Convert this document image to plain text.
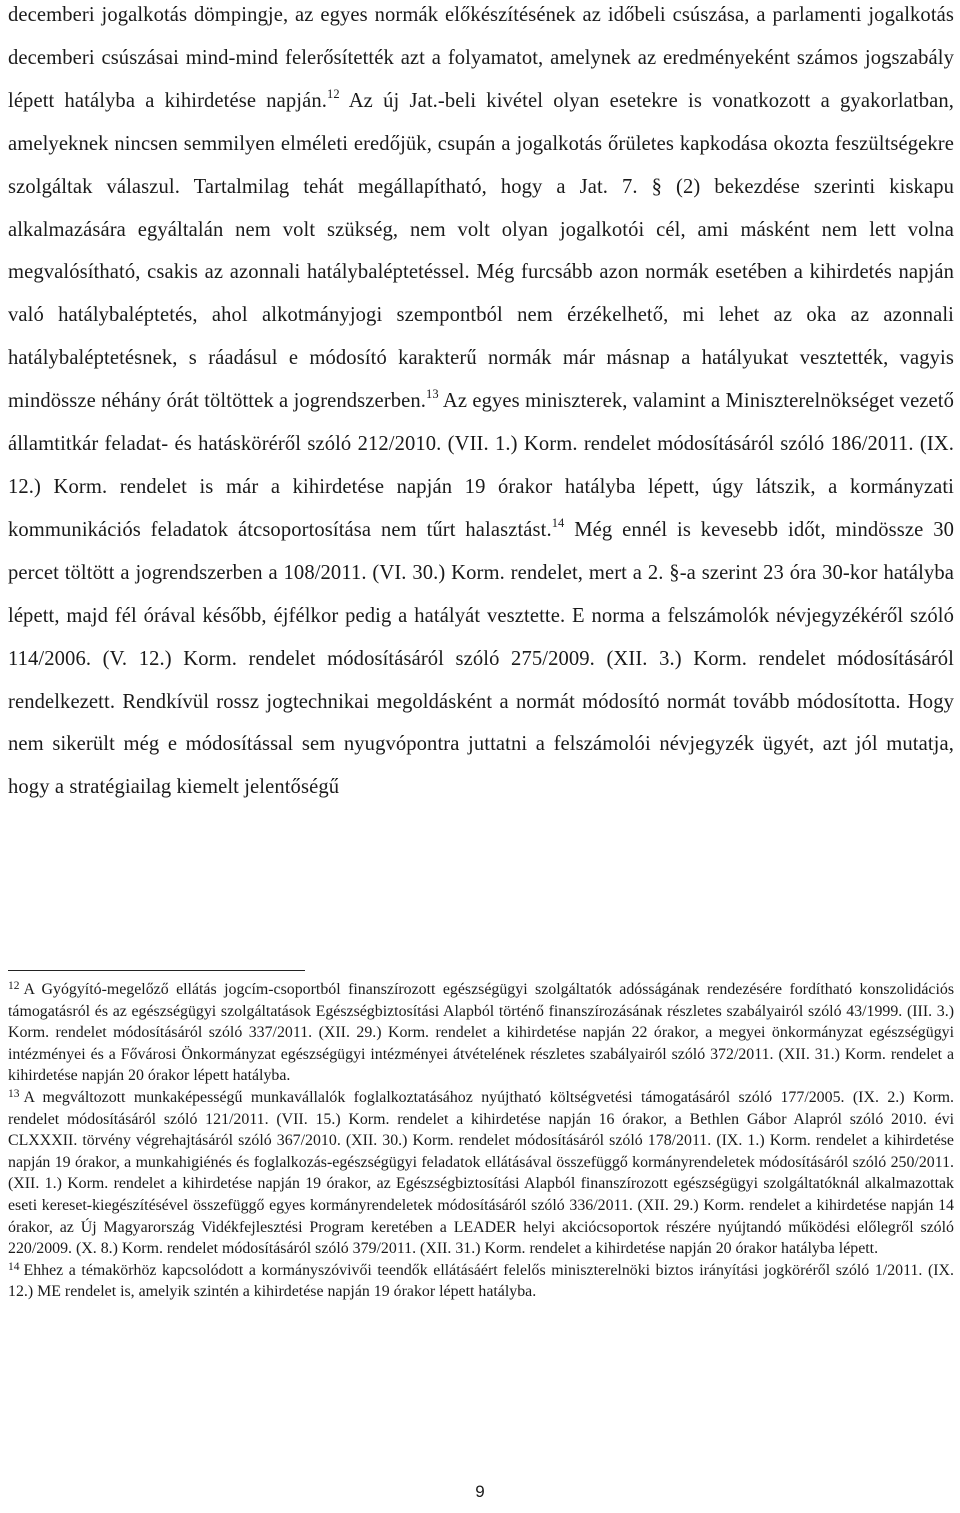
decemberi jogalkotás dömpingje, az egyes normák előkészítésének az időbeli csúszása, a parlamenti jogalkotás decemberi csúszásai mind-mind felerősítették azt a folyamatot, amelynek az eredményeként számos jogszabály lépett hatályba a kihirdetése napján.$^{12}$ Az új Jat.-beli kivétel olyan esetekre is vonatkozott a gyakorlatban, amelyeknek nincsen semmilyen elméleti eredőjük, csupán a jogalkotás őrületes kapkodása okozta feszültségekre szolgáltak válaszul. Tartalmilag tehát megállapítható, hogy a Jat. 7. § (2) bekezdése szerinti kiskapu alkalmazására egyáltalán nem volt szükség, nem volt olyan jogalkotói cél, ami másként nem lett volna megvalósítható, csakis az azonnali hatálybaléptetéssel. Még furcsább azon normák esetében a kihirdetés napján való hatálybaléptetés, ahol alkotmányjogi szempontból nem érzékelhető, mi lehet az oka az azonnali hatálybaléptetésnek, s ráadásul e módosító karakterű normák már másnap a hatályukat vesztették, vagyis mindössze néhány órát töltöttek a jogrendszerben.$^{13}$ Az egyes miniszterek, valamint a Miniszterelnökséget vezető államtitkár feladat- és hatásköréről szóló 212/2010. (VII. 1.) Korm. rendelet módosításáról szóló 186/2011. (IX. 12.) Korm. rendelet is már a kihirdetése napján 19 órakor hatályba lépett, úgy látszik, a kormányzati kommunikációs feladatok átcsoportosítása nem tűrt halasztást.$^{14}$ Még ennél is kevesebb időt, mindössze 30 percet töltött a jogrendszerben a 108/2011. (VI. 30.) Korm. rendelet, mert a 2. §-a szerint 23 óra 30-kor hatályba lépett, majd fél órával később, éjfélkor pedig a hatályát vesztette. E norma a felszámolók névjegyzékéről szóló 114/2006. (V. 12.) Korm. rendelet módosításáról szóló 275/2009. (XII. 3.) Korm. rendelet módosításáról rendelkezett. Rendkívül rossz jogtechnikai megoldásként a normát módosító normát tovább módosította. Hogy nem sikerült még e módosítással sem nyugvópontra juttatni a felszámolói névjegyzék ügyét, azt jól mutatja, hogy a stratégiailag kiemelt jelentőségű

$^{12}$ A Gyógyító-megelőző ellátás jogcím-csoportból finanszírozott egészségügyi szolgáltatók adósságának rendezésére fordítható konszolidációs támogatásról és az egészségügyi szolgáltatások Egészségbiztosítási Alapból történő finanszírozásának részletes szabályairól szóló 43/1999. (III. 3.) Korm. rendelet módosításáról szóló 337/2011. (XII. 29.) Korm. rendelet a kihirdetése napján 22 órakor, a megyei önkormányzat egészségügyi intézményei és a Fővárosi Önkormányzat egészségügyi intézményei átvételének részletes szabályairól szóló 372/2011. (XII. 31.) Korm. rendelet a kihirdetése napján 20 órakor lépett hatályba.

$^{13}$ A megváltozott munkaképességű munkavállalók foglalkoztatásához nyújtható költségvetési támogatásáról szóló 177/2005. (IX. 2.) Korm. rendelet módosításáról szóló 121/2011. (VII. 15.) Korm. rendelet a kihirdetése napján 16 órakor, a Bethlen Gábor Alapról szóló 2010. évi CLXXXII. törvény végrehajtásáról szóló 367/2010. (XII. 30.) Korm. rendelet módosításáról szóló 178/2011. (IX. 1.) Korm. rendelet a kihirdetése napján 19 órakor, a munkahigiénés és foglalkozás-egészségügyi feladatok ellátásával összefüggő kormányrendeletek módosításáról szóló 250/2011. (XII. 1.) Korm. rendelet a kihirdetése napján 19 órakor, az Egészségbiztosítási Alapból finanszírozott egészségügyi szolgáltatóknál alkalmazottak eseti kereset-kiegészítésével összefüggő egyes kormányrendeletek módosításáról szóló 336/2011. (XII. 29.) Korm. rendelet a kihirdetése napján 14 órakor, az Új Magyarország Vidékfejlesztési Program keretében a LEADER helyi akciócsoportok részére nyújtandó működési előlegről szóló 220/2009. (X. 8.) Korm. rendelet módosításáról szóló 379/2011. (XII. 31.) Korm. rendelet a kihirdetése napján 20 órakor hatályba lépett.

$^{14}$ Ehhez a témakörhöz kapcsolódott a kormányszóvivői teendők ellátásáért felelős miniszterelnöki biztos irányítási jogköréről szóló 1/2011. (IX. 12.) ME rendelet is, amelyik szintén a kihirdetése napján 19 órakor lépett hatályba.

9
